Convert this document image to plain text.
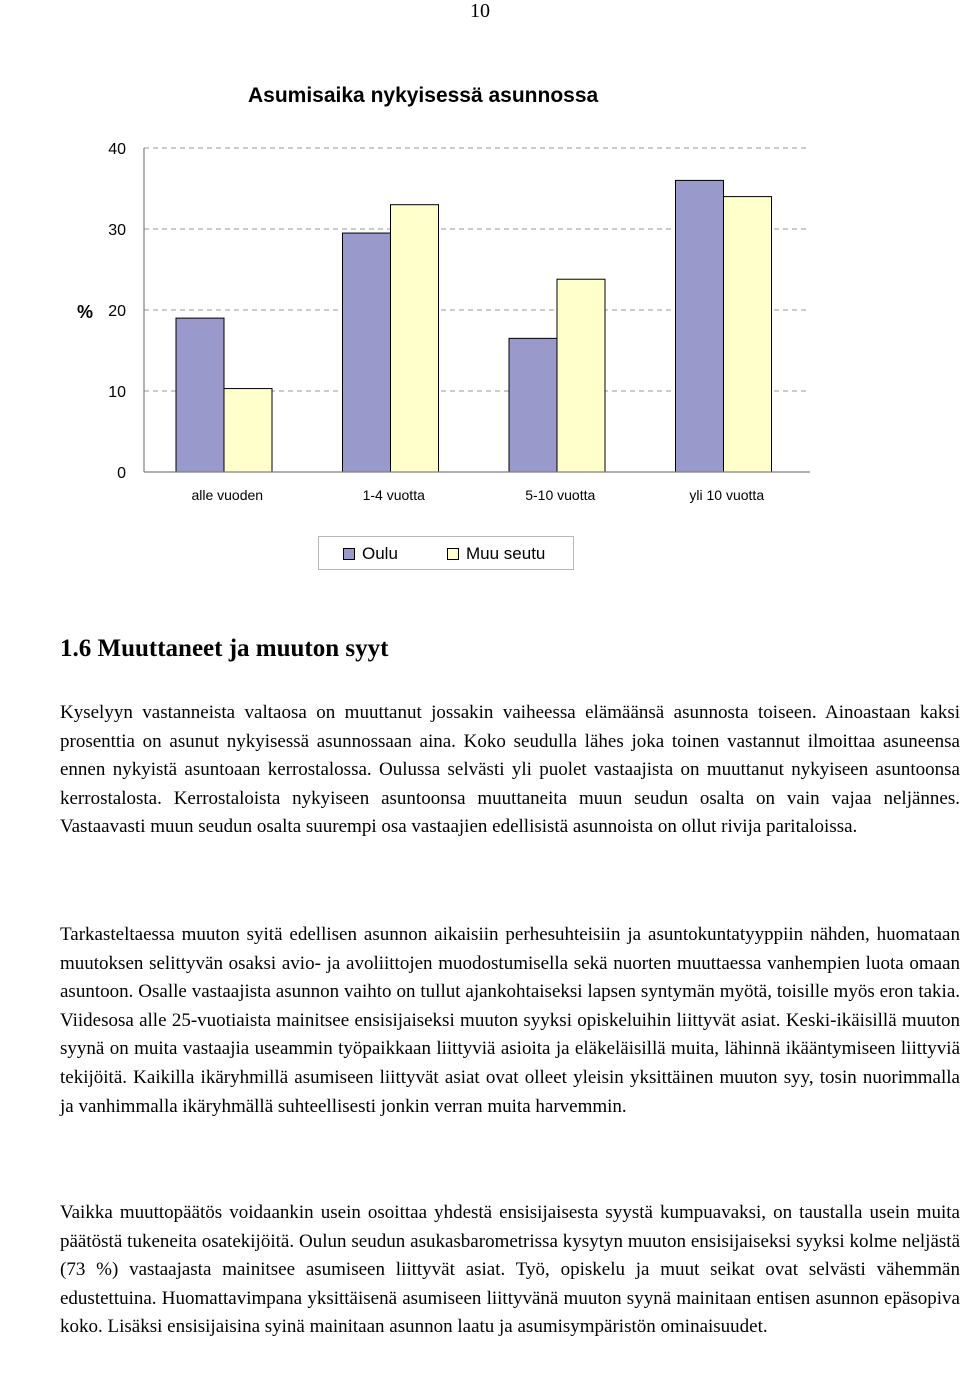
10
Asumisaika nykyisessä asunnossa
%
0
10
20
30
40
alle vuoden	1-4 vuotta	5-10 vuotta	yli 10 vuotta
Oulu	Muu seutu
1.6 Muuttaneet ja muuton syyt

Kyselyyn vastanneista valtaosa on muuttanut jossakin vaiheessa elämäänsä asunnosta toiseen. Ainoastaan kaksi prosenttia on asunut nykyisessä asunnossaan aina. Koko seudulla lähes joka toinen vastannut ilmoittaa asuneensa ennen nykyistä asuntoaan kerrostalossa. Oulussa selvästi yli puolet vastaajista on muuttanut nykyiseen asuntoonsa kerrostalosta. Kerrostaloista nykyiseen asuntoonsa muuttaneita muun seudun osalta on vain vajaa neljännes. Vastaavasti muun seudun osalta suurempi osa vastaajien edellisistä asunnoista on ollut rivija paritaloissa.

Tarkasteltaessa muuton syitä edellisen asunnon aikaisiin perhesuhteisiin ja asuntokuntatyyppiin nähden, huomataan muutoksen selittyvän osaksi avio- ja avoliittojen muodostumisella sekä nuorten muuttaessa vanhempien luota omaan asuntoon. Osalle vastaajista asunnon vaihto on tullut ajankohtaiseksi lapsen syntymän myötä, toisille myös eron takia. Viidesosa alle 25-vuotiaista mainitsee ensisijaiseksi muuton syyksi opiskeluihin liittyvät asiat. Keski-ikäisillä muuton syynä on muita vastaajia useammin työpaikkaan liittyviä asioita ja eläkeläisillä muita, lähinnä ikääntymiseen liittyviä tekijöitä. Kaikilla ikäryhmillä asumiseen liittyvät asiat ovat olleet yleisin yksittäinen muuton syy, tosin nuorimmalla ja vanhimmalla ikäryhmällä suhteellisesti jonkin verran muita harvemmin.

Vaikka muuttopäätös voidaankin usein osoittaa yhdestä ensisijaisesta syystä kumpuavaksi, on taustalla usein muita päätöstä tukeneita osatekijöitä. Oulun seudun asukasbarometrissa kysytyn muuton ensisijaiseksi syyksi kolme neljästä (73 %) vastaajasta mainitsee asumiseen liittyvät asiat. Työ, opiskelu ja muut seikat ovat selvästi vähemmän edustettuina. Huomattavimpana yksittäisenä asumiseen liittyvänä muuton syynä mainitaan entisen asunnon epäsopiva koko. Lisäksi ensisijaisina syinä mainitaan asunnon laatu ja asumisympäristön ominaisuudet.
